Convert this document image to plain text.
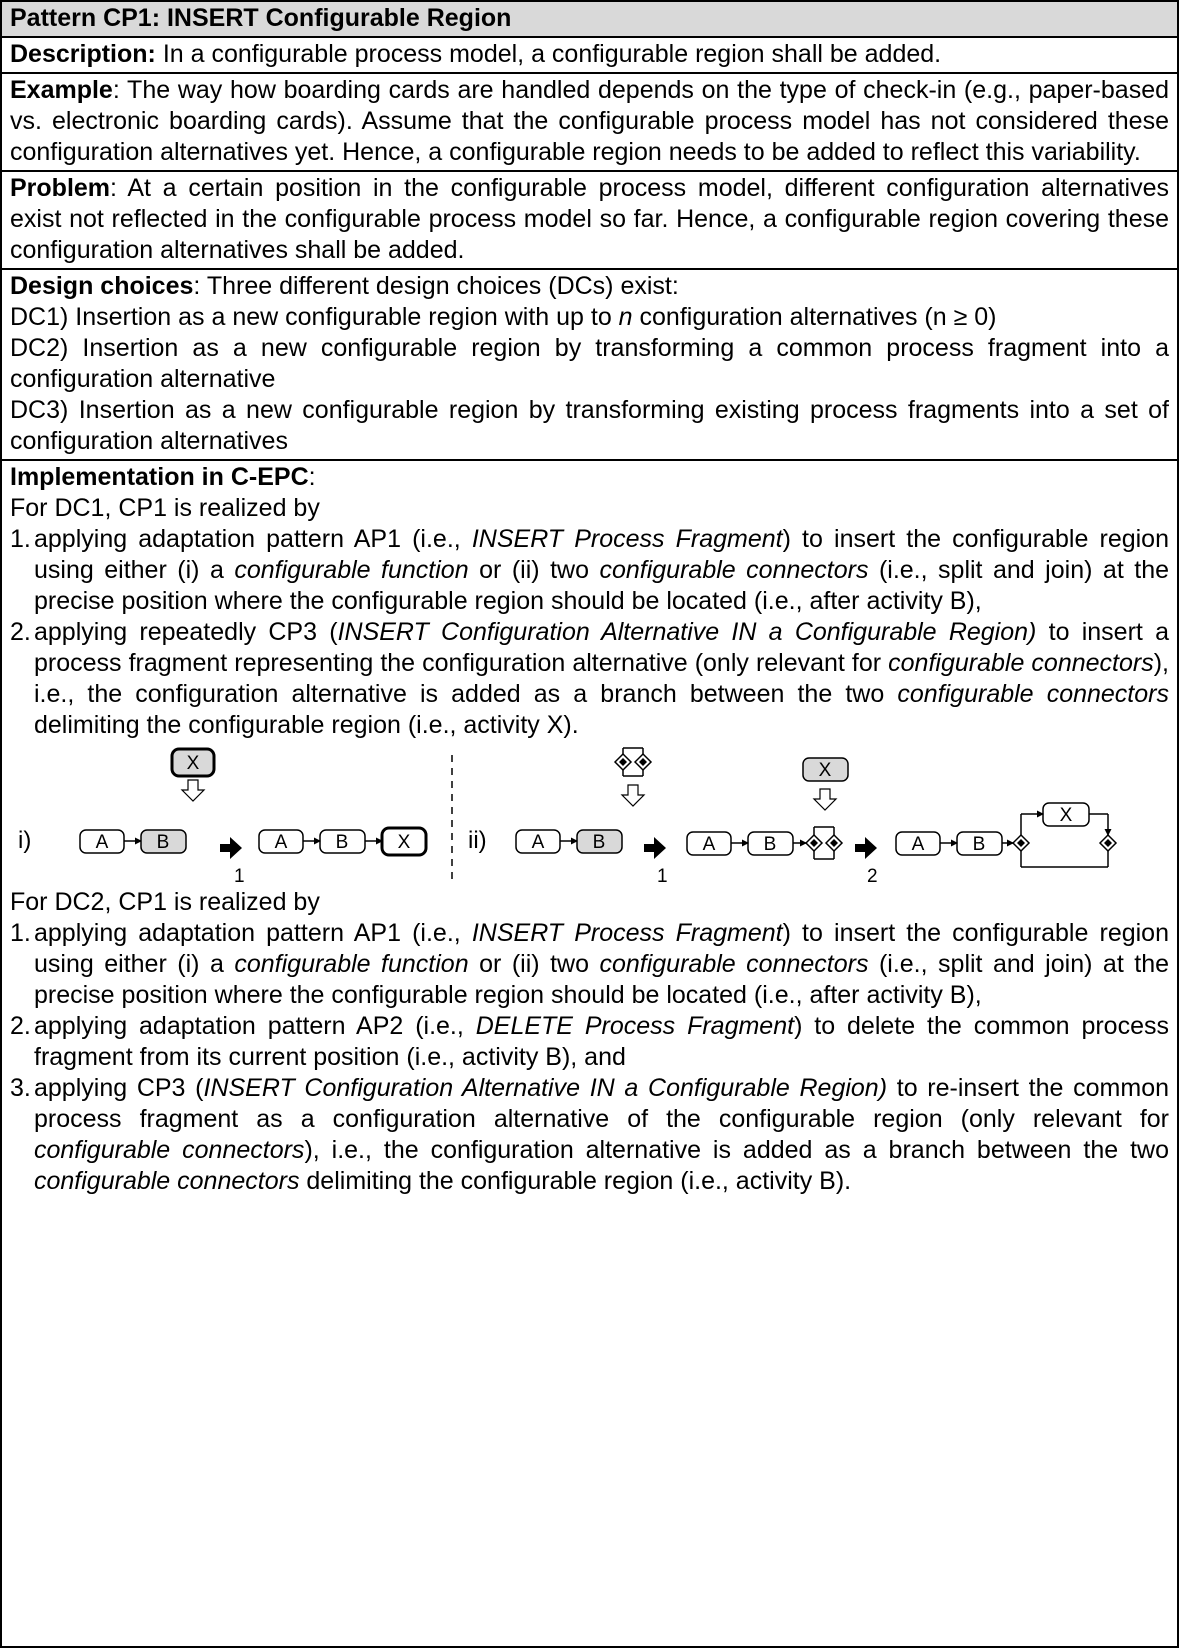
Pattern CP1: INSERT Configurable Region
Description: In a configurable process model, a configurable region shall be added.
Example: The way how boarding cards are handled depends on the type of check-in (e.g., paper-based vs. electronic boarding cards). Assume that the configurable process model has not considered these configuration alternatives yet. Hence, a configurable region needs to be added to reflect this variability.
Problem: At a certain position in the configurable process model, different configuration alternatives exist not reflected in the configurable process model so far. Hence, a configurable region covering these configuration alternatives shall be added.
Design choices: Three different design choices (DCs) exist:
DC1) Insertion as a new configurable region with up to n configuration alternatives (n ≥ 0)
DC2) Insertion as a new configurable region by transforming a common process fragment into a configuration alternative
DC3) Insertion as a new configurable region by transforming existing process fragments into a set of configuration alternatives
Implementation in C-EPC:
For DC1, CP1 is realized by
1. applying adaptation pattern AP1 (i.e., INSERT Process Fragment) to insert the configurable region using either (i) a configurable function or (ii) two configurable connectors (i.e., split and join) at the precise position where the configurable region should be located (i.e., after activity B),
2. applying repeatedly CP3 (INSERT Configuration Alternative IN a Configurable Region) to insert a process fragment representing the configuration alternative (only relevant for configurable connectors), i.e., the configuration alternative is added as a branch between the two configurable connectors delimiting the configurable region (i.e., activity X).
i)	A	B
X
1
A	B	X ii) A	B
1
A	B
X
2
A	B
X
For DC2, CP1 is realized by
1. applying adaptation pattern AP1 (i.e., INSERT Process Fragment) to insert the configurable region using either (i) a configurable function or (ii) two configurable connectors (i.e., split and join) at the precise position where the configurable region should be located (i.e., after activity B),
2. applying adaptation pattern AP2 (i.e., DELETE Process Fragment) to delete the common process fragment from its current position (i.e., activity B), and
3. applying CP3 (INSERT Configuration Alternative IN a Configurable Region) to re-insert the common process fragment as a configuration alternative of the configurable region (only relevant for configurable connectors), i.e., the configuration alternative is added as a branch between the two configurable connectors delimiting the configurable region (i.e., activity B).
